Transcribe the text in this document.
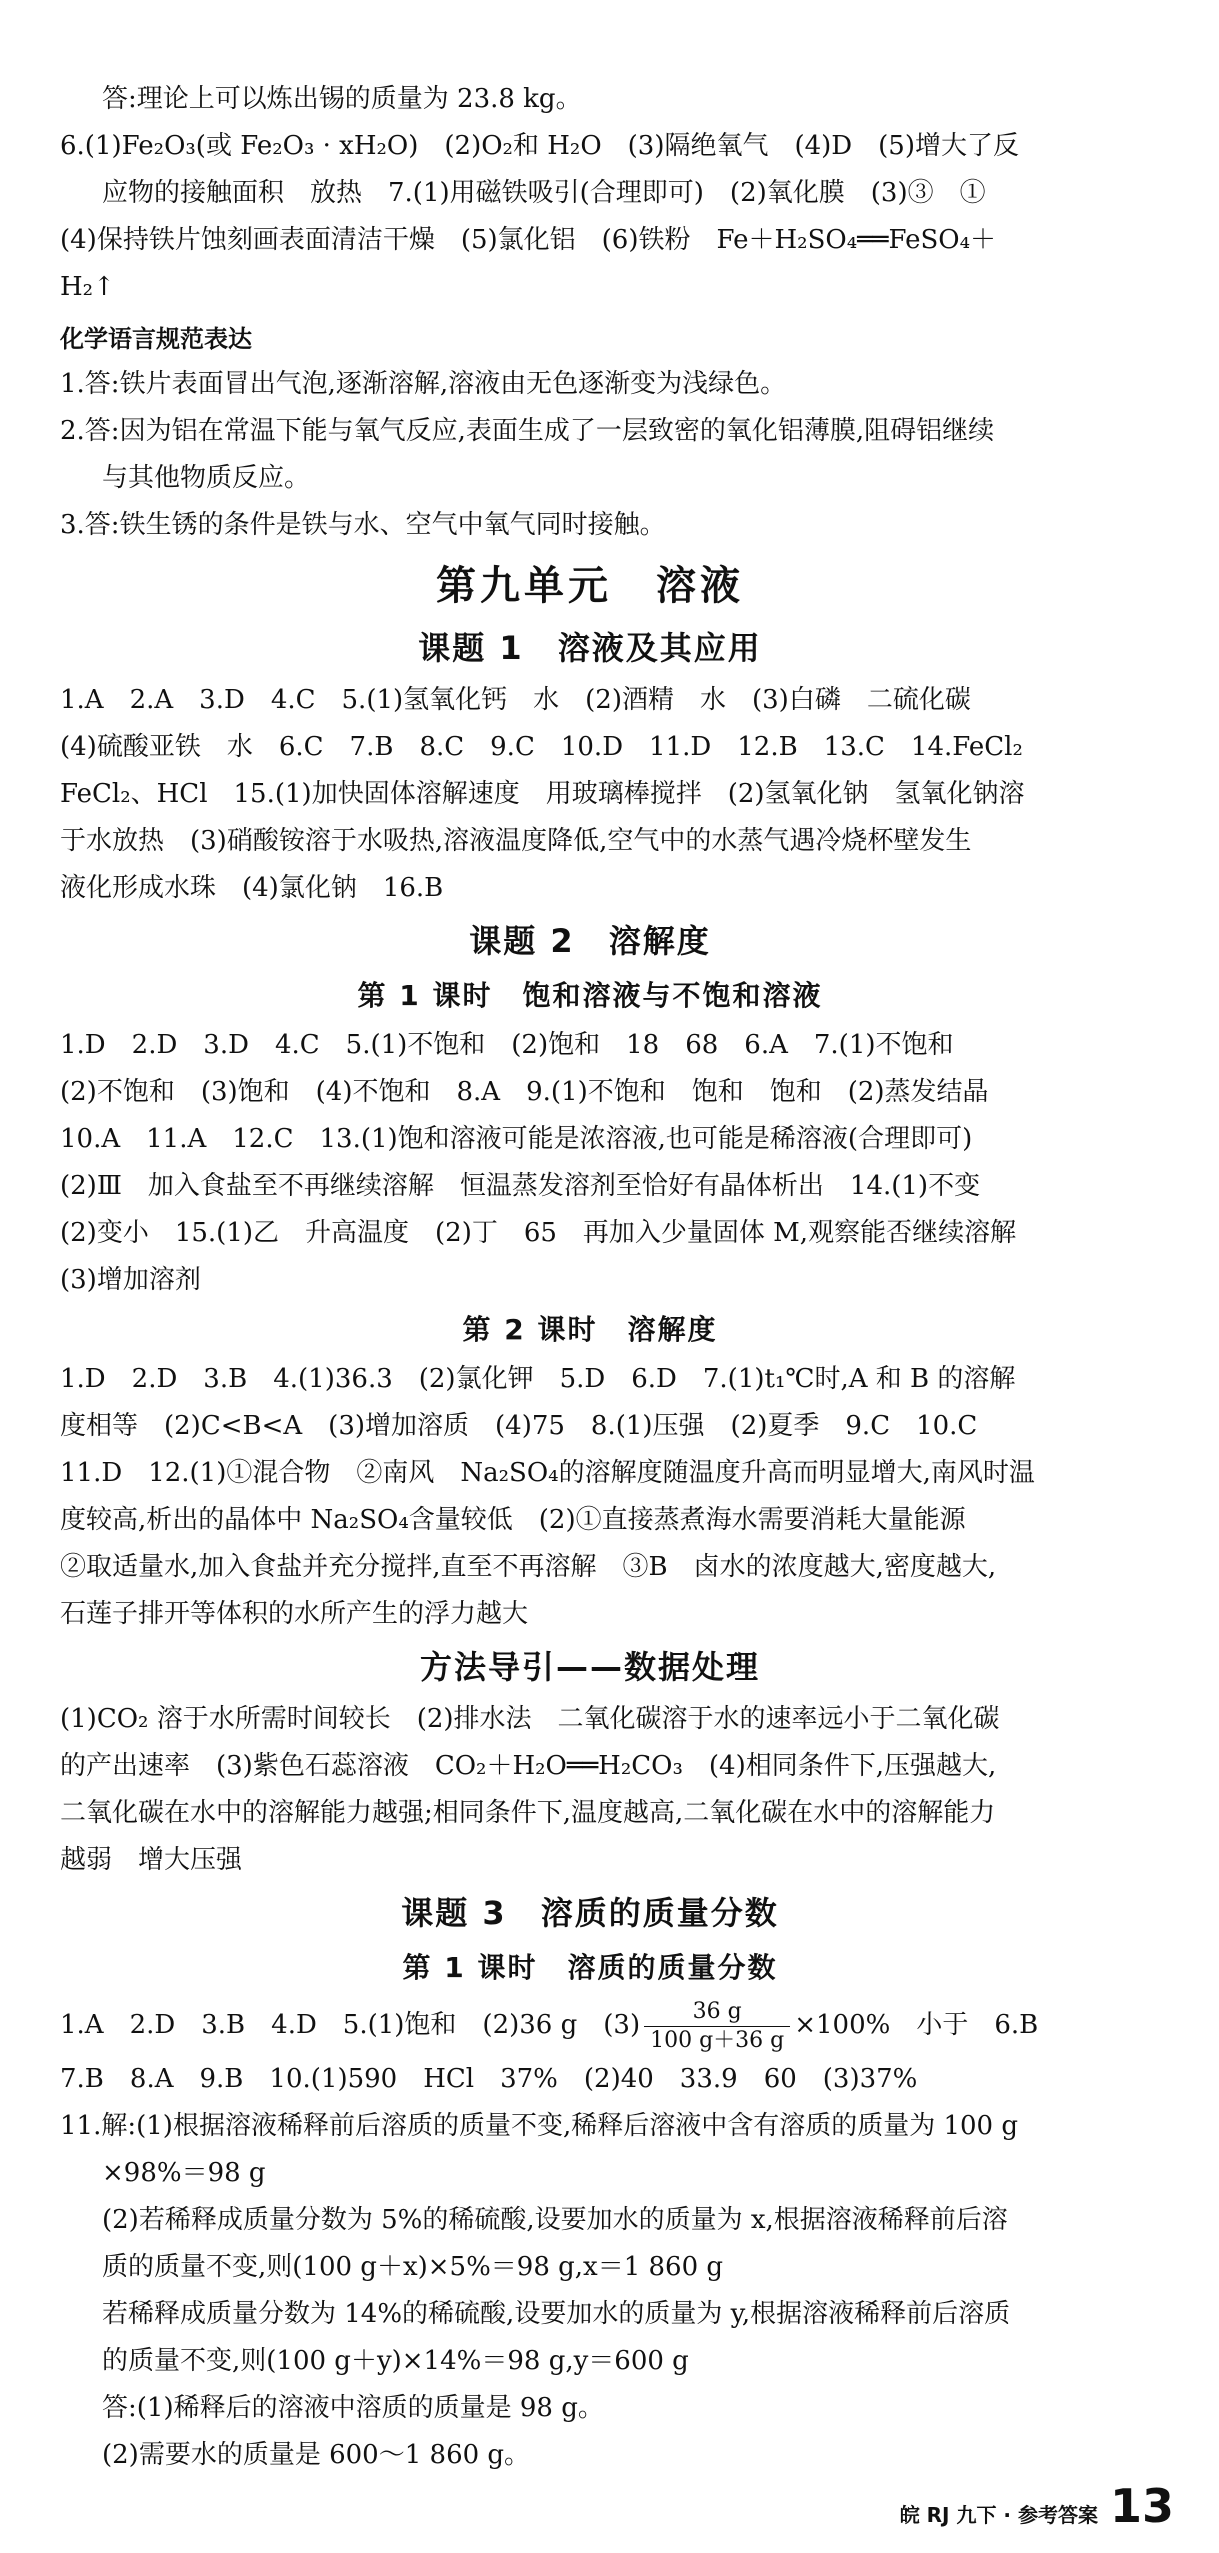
答:理论上可以炼出锡的质量为 23.8 kg。

6.(1)Fe₂O₃(或 Fe₂O₃ · xH₂O)　(2)O₂和 H₂O　(3)隔绝氧气　(4)D　(5)增大了反

应物的接触面积　放热　7.(1)用磁铁吸引(合理即可)　(2)氧化膜　(3)③　①

(4)保持铁片蚀刻画表面清洁干燥　(5)氯化铝　(6)铁粉　Fe＋H₂SO₄══FeSO₄＋

H₂↑

化学语言规范表达

1.答:铁片表面冒出气泡,逐渐溶解,溶液由无色逐渐变为浅绿色。

2.答:因为铝在常温下能与氧气反应,表面生成了一层致密的氧化铝薄膜,阻碍铝继续

与其他物质反应。

3.答:铁生锈的条件是铁与水、空气中氧气同时接触。

第九单元　溶液
课题 1　溶液及其应用

1.A　2.A　3.D　4.C　5.(1)氢氧化钙　水　(2)酒精　水　(3)白磷　二硫化碳

(4)硫酸亚铁　水　6.C　7.B　8.C　9.C　10.D　11.D　12.B　13.C　14.FeCl₂

FeCl₂、HCl　15.(1)加快固体溶解速度　用玻璃棒搅拌　(2)氢氧化钠　氢氧化钠溶

于水放热　(3)硝酸铵溶于水吸热,溶液温度降低,空气中的水蒸气遇冷烧杯壁发生

液化形成水珠　(4)氯化钠　16.B

课题 2　溶解度
第 1 课时　饱和溶液与不饱和溶液

1.D　2.D　3.D　4.C　5.(1)不饱和　(2)饱和　18　68　6.A　7.(1)不饱和

(2)不饱和　(3)饱和　(4)不饱和　8.A　9.(1)不饱和　饱和　饱和　(2)蒸发结晶

10.A　11.A　12.C　13.(1)饱和溶液可能是浓溶液,也可能是稀溶液(合理即可)

(2)Ⅲ　加入食盐至不再继续溶解　恒温蒸发溶剂至恰好有晶体析出　14.(1)不变

(2)变小　15.(1)乙　升高温度　(2)丁　65　再加入少量固体 M,观察能否继续溶解

(3)增加溶剂

第 2 课时　溶解度

1.D　2.D　3.B　4.(1)36.3　(2)氯化钾　5.D　6.D　7.(1)t₁℃时,A 和 B 的溶解

度相等　(2)C<B<A　(3)增加溶质　(4)75　8.(1)压强　(2)夏季　9.C　10.C

11.D　12.(1)①混合物　②南风　Na₂SO₄的溶解度随温度升高而明显增大,南风时温

度较高,析出的晶体中 Na₂SO₄含量较低　(2)①直接蒸煮海水需要消耗大量能源

②取适量水,加入食盐并充分搅拌,直至不再溶解　③B　卤水的浓度越大,密度越大,

石莲子排开等体积的水所产生的浮力越大

方法导引——数据处理

(1)CO₂ 溶于水所需时间较长　(2)排水法　二氧化碳溶于水的速率远小于二氧化碳

的产出速率　(3)紫色石蕊溶液　CO₂＋H₂O══H₂CO₃　(4)相同条件下,压强越大,

二氧化碳在水中的溶解能力越强;相同条件下,温度越高,二氧化碳在水中的溶解能力

越弱　增大压强

课题 3　溶质的质量分数
第 1 课时　溶质的质量分数

1.A　2.D　3.B　4.D　5.(1)饱和　(2)36 g　$(3) \frac{36 g}{100 g+36 g} \times 100\%$　小于　6.B

7.B　8.A　9.B　10.(1)590　HCl　37%　(2)40　33.9　60　(3)37%

11.解:(1)根据溶液稀释前后溶质的质量不变,稀释后溶液中含有溶质的质量为 100 g

×98%＝98 g

(2)若稀释成质量分数为 5%的稀硫酸,设要加水的质量为 x,根据溶液稀释前后溶

质的质量不变,则(100 g＋x)×5%＝98 g,x＝1 860 g

若稀释成质量分数为 14%的稀硫酸,设要加水的质量为 y,根据溶液稀释前后溶质

的质量不变,则(100 g＋y)×14%＝98 g,y＝600 g

答:(1)稀释后的溶液中溶质的质量是 98 g。

(2)需要水的质量是 600～1 860 g。

皖 RJ 九下 · 参考答案 13
